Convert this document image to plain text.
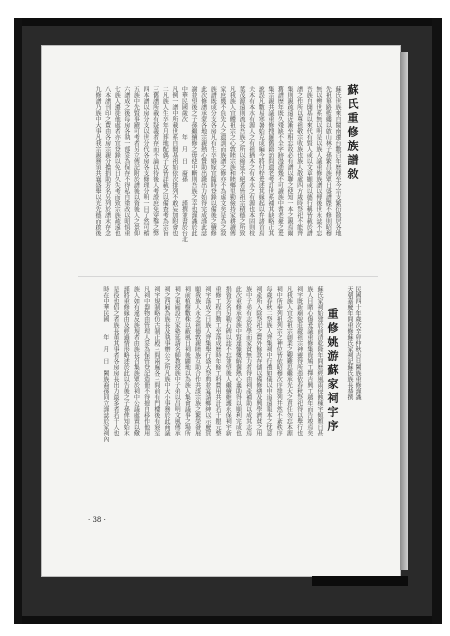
蘇氏重修族譜敘
蘇氏世族來自閩南遷台數百年歷傳至今宗支繁衍散居各地
先祖篳路藍縷以啟山林子孫繁昌族眾日盛譜牒不修則昭穆
無以辨世系無以明是以族人議重修族譜以傳後世永誌不忘
吾族自開基以來代有賢人或以文章顯或以德行稱皆載於譜
譜之作所以尊祖敬宗收族也族人散處四方歲時祭祀不能齊
集則親疏遠近漸至相忘故必有譜以聯之使知一本之親焉爾
舊譜歷年既久殘缺不全字跡漫漶幾不可讀族中耆老憂之爰
集宗親共議重修搜羅舊籍訪問遺老考訂世系補其缺略正其
訛誤凡數易寒暑始克成編今將付梓爰述其緣起以弁諸首焉
夫木有本水有源人之有祖猶木之有本水之有源也本固則枝
葉茂源遠則流長吾族之所以綿延不絕者皆祖宗積德之所致
凡我族人宜體祖宗之心敦睦宗族和睦鄉里勤儉持家耕讀傳
家庶幾不負先人之遺訓而族譜之修亦不為虛文矣是為之敘
族譜既成分支各房凡有生卒婚嫁宜隨時登錄以備後之續修
此次修譜承蒙各地宗親熱心贊助出錢出力始得完成謹此誌
謝並望後之子孫繼續修之毋使中斷則吾族之幸也謹識於此
中華民國歲次　　年　月　日　裔孫　　　謹撰並書於台北
凡例一譜中所載世系自開基祖始依次排列不敢妄加附會也
二凡族人生卒年月葬地配偶子女皆詳載之以備查考為宗旨
三舊譜所載有疑義者存而不論以待後人考證庶免穿鑿之弊
四本譜以房分支以世分代各房各支條理分明一目了然可稽
五族中先賢事蹟可考者另立傳記附於譜後以資後人之景仰
六譜成之後每房各執一部妥為保存不得私自塗改以昭慎重
七族人遷徙他處者亦宜登錄以免日久失考而致宗族疏遠也
八本譜刊印之費由各房宗親分擔捐助芳名另列於譜末存念
九修譜乃族中大事凡我宗親務須共襄盛舉以光先德而啟後
天朝嘉慶年間重修蘇氏家祠記蘇氏族長恭撰 民國四十年歲次辛卯仲秋吉旦闔族重修謹識
重修姚游蘇家祠宇序
蘇氏家祠始建於前清乾隆年間歷經風雨侵蝕棟宇傾頹日甚
族人目睹心傷爰議重修集資鳩工擇吉興工越年而告竣焉矣
祠宇既新廟貌莊嚴祖宗神靈得所憑依春秋祭祀得以舉行也
凡我族人宜念祖宗創業之艱難思繼承光大之責任勿忘本源
祠中所奉列祖列宗之神位皆依昭穆次序排列井然不紊秩序
每歲春秋二祭族人齊集祠中行禮如儀以申追遠報本之忱意
祠產所入除祭祀之費外餘款存儲以備修繕及興學濟貧之用
族中子弟有志於學而家貧無力者得由祠產補助以成其志焉
此次重修承蒙族中賢達慷慨解囊熱心襄助得以順利完成也
捐資芳名另勒石碑以誌不忘並望後人繼續維護永保祠宇新
重修工程自動工至落成歷時年餘工料費用共計若干銀元整
祠宇落成之日族人齊集舉行盛大祭典並宴請鄉紳以示慶賀
願我族人永念祖德敦親睦族互助合作共謀宗族之繁榮發展
祠前植樹數株以蔽風日祠後闢地以為族人集會議事之場所
祠之東廂設立家塾延請名師教授族中子弟以昌明文風傳承
祠之西廂為族長及執事辦公之所凡族中大小事務於此商議
祠宇規制略仿古制正殿三間兩廡各三間前有門樓後有寢室
凡祠中器物由管理人妥為保管登記造冊不得擅自移作他用
族人如有違反族規者由族長召集族眾於祠中公議處置以儆
謹將重修緣由及經過情形略述於此以告後之子孫俾知始末
是役也倡之者族長董其事者各房房長出力最多者若干人也
時在中華民國　　年　月　日　闔族裔孫同立謹誌於家祠內
· 38 ·
